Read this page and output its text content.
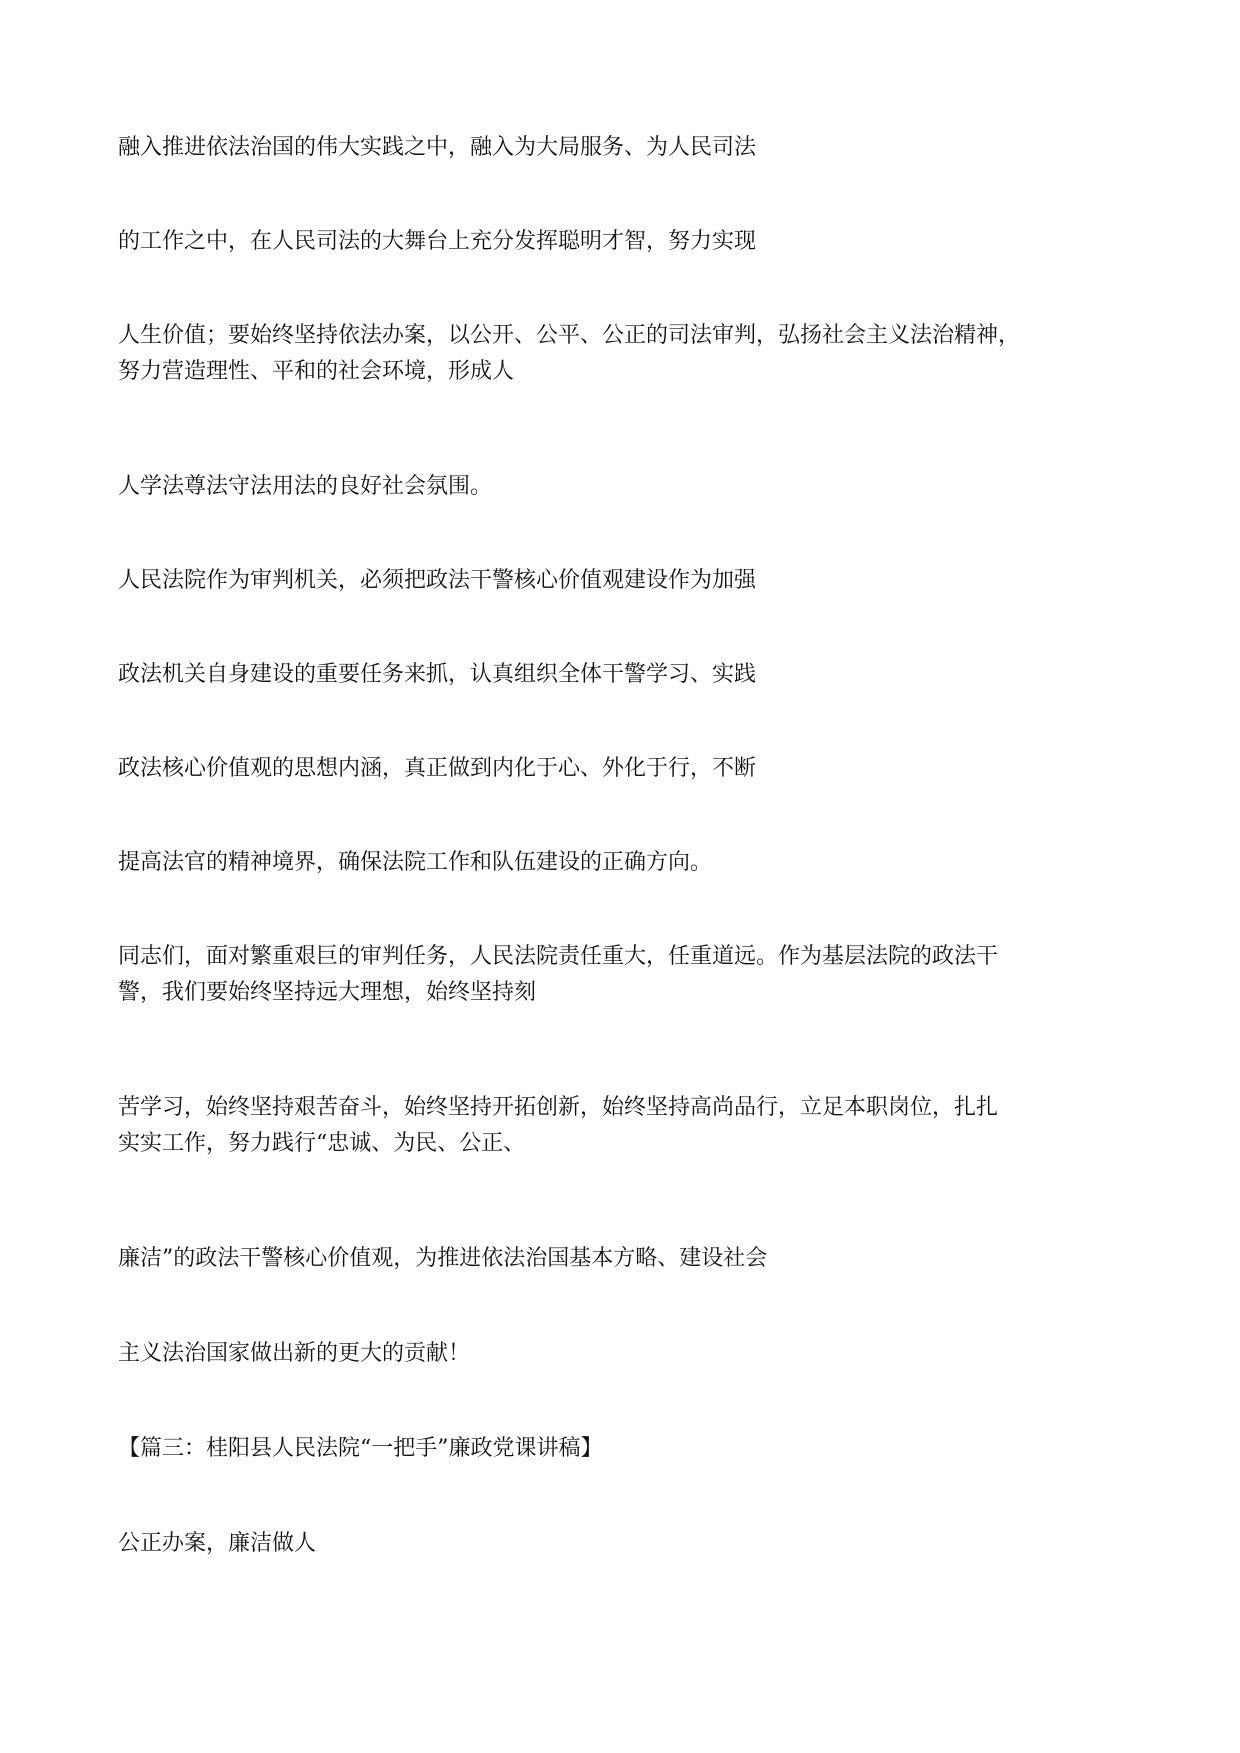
融入推进依法治国的伟大实践之中，融入为大局服务、为人民司法

的工作之中，在人民司法的大舞台上充分发挥聪明才智，努力实现

人生价值；要始终坚持依法办案，以公开、公平、公正的司法审判，弘扬社会主义法治精神，
努力营造理性、平和的社会环境，形成人

人学法尊法守法用法的良好社会氛围。

人民法院作为审判机关，必须把政法干警核心价值观建设作为加强

政法机关自身建设的重要任务来抓，认真组织全体干警学习、实践

政法核心价值观的思想内涵，真正做到内化于心、外化于行，不断

提高法官的精神境界，确保法院工作和队伍建设的正确方向。

同志们，面对繁重艰巨的审判任务，人民法院责任重大，任重道远。作为基层法院的政法干
警，我们要始终坚持远大理想，始终坚持刻

苦学习，始终坚持艰苦奋斗，始终坚持开拓创新，始终坚持高尚品行，立足本职岗位，扎扎
实实工作，努力践行“忠诚、为民、公正、

廉洁”的政法干警核心价值观，为推进依法治国基本方略、建设社会

主义法治国家做出新的更大的贡献！

【篇三：桂阳县人民法院“一把手”廉政党课讲稿】

公正办案，廉洁做人
